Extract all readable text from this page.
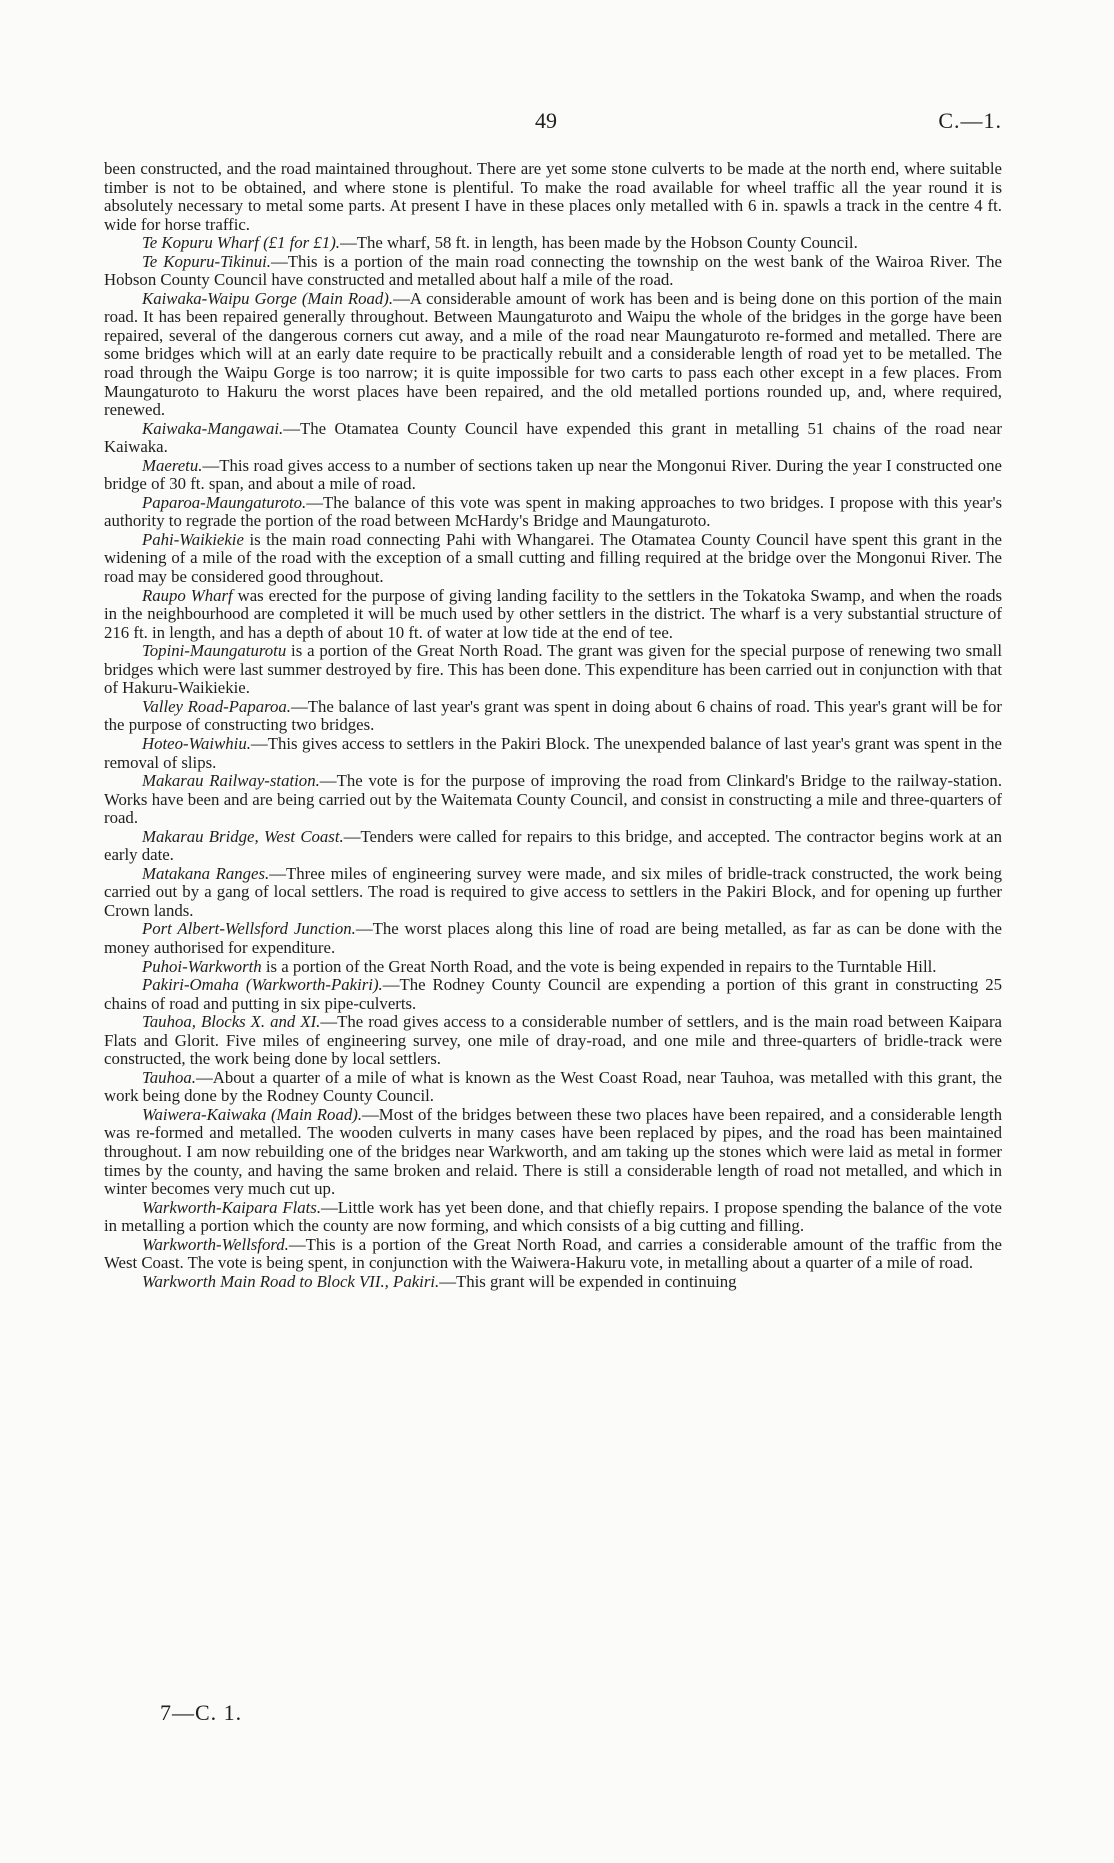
49	C.—1.

been constructed, and the road maintained throughout. There are yet some stone culverts to be made at the north end, where suitable timber is not to be obtained, and where stone is plentiful. To make the road available for wheel traffic all the year round it is absolutely necessary to metal some parts. At present I have in these places only metalled with 6 in. spawls a track in the centre 4 ft. wide for horse traffic.

Te Kopuru Wharf (£1 for £1).—The wharf, 58 ft. in length, has been made by the Hobson County Council.

Te Kopuru-Tikinui.—This is a portion of the main road connecting the township on the west bank of the Wairoa River. The Hobson County Council have constructed and metalled about half a mile of the road.

Kaiwaka-Waipu Gorge (Main Road).—A considerable amount of work has been and is being done on this portion of the main road. It has been repaired generally throughout. Between Maungaturoto and Waipu the whole of the bridges in the gorge have been repaired, several of the dangerous corners cut away, and a mile of the road near Maungaturoto re-formed and metalled. There are some bridges which will at an early date require to be practically rebuilt and a considerable length of road yet to be metalled. The road through the Waipu Gorge is too narrow; it is quite impossible for two carts to pass each other except in a few places. From Maungaturoto to Hakuru the worst places have been repaired, and the old metalled portions rounded up, and, where required, renewed.

Kaiwaka-Mangawai.—The Otamatea County Council have expended this grant in metalling 51 chains of the road near Kaiwaka.

Maeretu.—This road gives access to a number of sections taken up near the Mongonui River. During the year I constructed one bridge of 30 ft. span, and about a mile of road.

Paparoa-Maungaturoto.—The balance of this vote was spent in making approaches to two bridges. I propose with this year's authority to regrade the portion of the road between McHardy's Bridge and Maungaturoto.

Pahi-Waikiekie is the main road connecting Pahi with Whangarei. The Otamatea County Council have spent this grant in the widening of a mile of the road with the exception of a small cutting and filling required at the bridge over the Mongonui River. The road may be considered good throughout.

Raupo Wharf was erected for the purpose of giving landing facility to the settlers in the Tokatoka Swamp, and when the roads in the neighbourhood are completed it will be much used by other settlers in the district. The wharf is a very substantial structure of 216 ft. in length, and has a depth of about 10 ft. of water at low tide at the end of tee.

Topini-Maungaturotu is a portion of the Great North Road. The grant was given for the special purpose of renewing two small bridges which were last summer destroyed by fire. This has been done. This expenditure has been carried out in conjunction with that of Hakuru-Waikiekie.

Valley Road-Paparoa.—The balance of last year's grant was spent in doing about 6 chains of road. This year's grant will be for the purpose of constructing two bridges.

Hoteo-Waiwhiu.—This gives access to settlers in the Pakiri Block. The unexpended balance of last year's grant was spent in the removal of slips.

Makarau Railway-station.—The vote is for the purpose of improving the road from Clinkard's Bridge to the railway-station. Works have been and are being carried out by the Waitemata County Council, and consist in constructing a mile and three-quarters of road.

Makarau Bridge, West Coast.—Tenders were called for repairs to this bridge, and accepted. The contractor begins work at an early date.

Matakana Ranges.—Three miles of engineering survey were made, and six miles of bridle-track constructed, the work being carried out by a gang of local settlers. The road is required to give access to settlers in the Pakiri Block, and for opening up further Crown lands.

Port Albert-Wellsford Junction.—The worst places along this line of road are being metalled, as far as can be done with the money authorised for expenditure.

Puhoi-Warkworth is a portion of the Great North Road, and the vote is being expended in repairs to the Turntable Hill.

Pakiri-Omaha (Warkworth-Pakiri).—The Rodney County Council are expending a portion of this grant in constructing 25 chains of road and putting in six pipe-culverts.

Tauhoa, Blocks X. and XI.—The road gives access to a considerable number of settlers, and is the main road between Kaipara Flats and Glorit. Five miles of engineering survey, one mile of dray-road, and one mile and three-quarters of bridle-track were constructed, the work being done by local settlers.

Tauhoa.—About a quarter of a mile of what is known as the West Coast Road, near Tauhoa, was metalled with this grant, the work being done by the Rodney County Council.

Waiwera-Kaiwaka (Main Road).—Most of the bridges between these two places have been repaired, and a considerable length was re-formed and metalled. The wooden culverts in many cases have been replaced by pipes, and the road has been maintained throughout. I am now rebuilding one of the bridges near Warkworth, and am taking up the stones which were laid as metal in former times by the county, and having the same broken and relaid. There is still a considerable length of road not metalled, and which in winter becomes very much cut up.

Warkworth-Kaipara Flats.—Little work has yet been done, and that chiefly repairs. I propose spending the balance of the vote in metalling a portion which the county are now forming, and which consists of a big cutting and filling.

Warkworth-Wellsford.—This is a portion of the Great North Road, and carries a considerable amount of the traffic from the West Coast. The vote is being spent, in conjunction with the Waiwera-Hakuru vote, in metalling about a quarter of a mile of road.

Warkworth Main Road to Block VII., Pakiri.—This grant will be expended in continuing

7—C. 1.
